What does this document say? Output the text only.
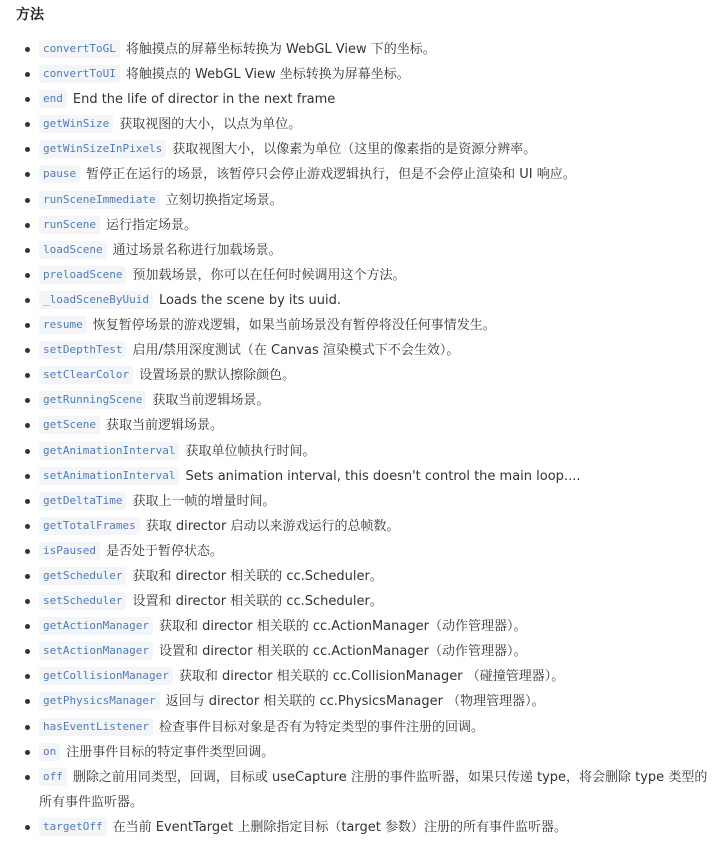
方法
convertToGL 将触摸点的屏幕坐标转换为 WebGL View 下的坐标。
convertToUI 将触摸点的 WebGL View 坐标转换为屏幕坐标。
end End the life of director in the next frame
getWinSize 获取视图的大小，以点为单位。
getWinSizeInPixels 获取视图大小，以像素为单位（这里的像素指的是资源分辨率。
pause 暂停正在运行的场景，该暂停只会停止游戏逻辑执行，但是不会停止渲染和 UI 响应。
runSceneImmediate 立刻切换指定场景。
runScene 运行指定场景。
loadScene 通过场景名称进行加载场景。
preloadScene 预加载场景，你可以在任何时候调用这个方法。
_loadSceneByUuid Loads the scene by its uuid.
resume 恢复暂停场景的游戏逻辑，如果当前场景没有暂停将没任何事情发生。
setDepthTest 启用/禁用深度测试（在 Canvas 渲染模式下不会生效）。
setClearColor 设置场景的默认擦除颜色。
getRunningScene 获取当前逻辑场景。
getScene 获取当前逻辑场景。
getAnimationInterval 获取单位帧执行时间。
setAnimationInterval Sets animation interval, this doesn't control the main loop....
getDeltaTime 获取上一帧的增量时间。
getTotalFrames 获取 director 启动以来游戏运行的总帧数。
isPaused 是否处于暂停状态。
getScheduler 获取和 director 相关联的 cc.Scheduler。
setScheduler 设置和 director 相关联的 cc.Scheduler。
getActionManager 获取和 director 相关联的 cc.ActionManager（动作管理器）。
setActionManager 设置和 director 相关联的 cc.ActionManager（动作管理器）。
getCollisionManager 获取和 director 相关联的 cc.CollisionManager （碰撞管理器）。
getPhysicsManager 返回与 director 相关联的 cc.PhysicsManager （物理管理器）。
hasEventListener 检查事件目标对象是否有为特定类型的事件注册的回调。
on 注册事件目标的特定事件类型回调。
off 删除之前用同类型，回调，目标或 useCapture 注册的事件监听器，如果只传递 type，将会删除 type 类型的所有事件监听器。
targetOff 在当前 EventTarget 上删除指定目标（target 参数）注册的所有事件监听器。
